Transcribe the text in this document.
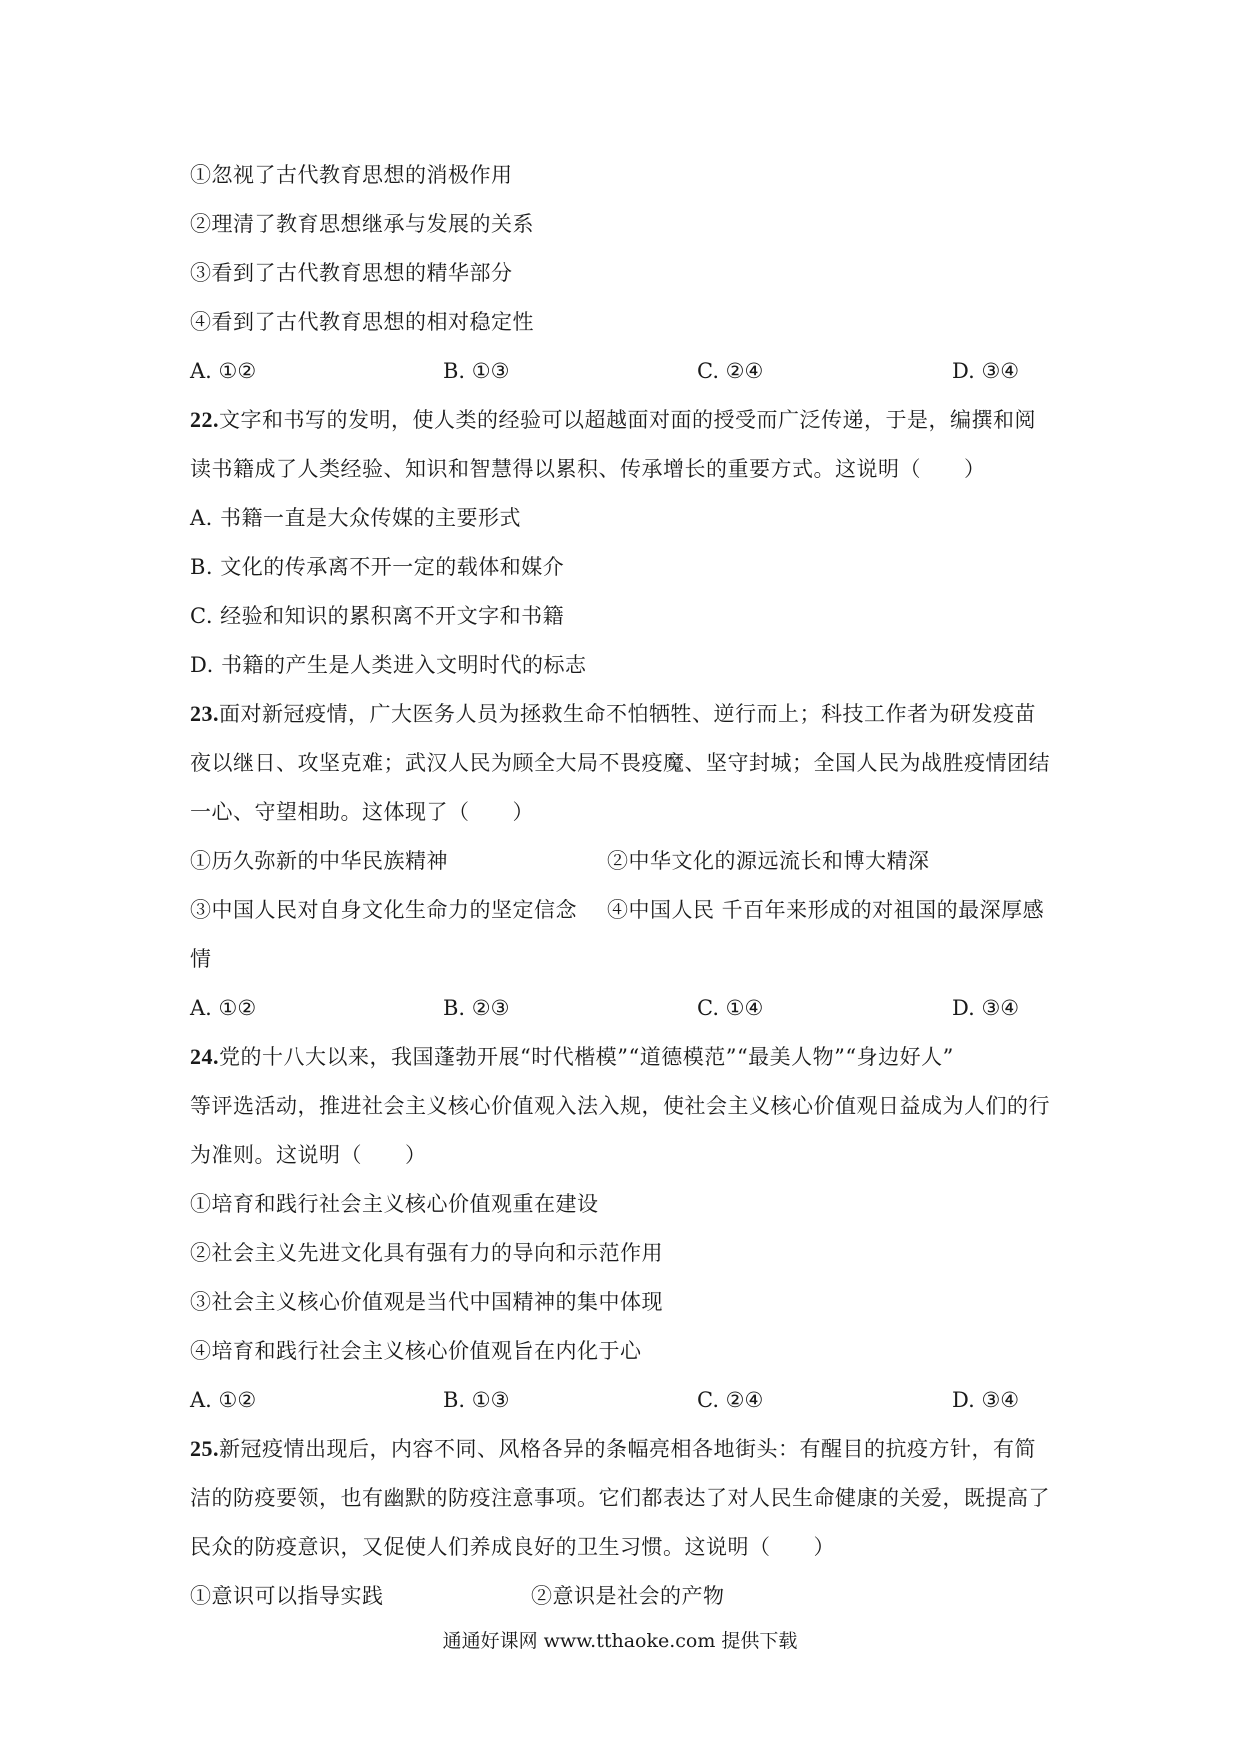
①忽视了古代教育思想的消极作用
②理清了教育思想继承与发展的关系
③看到了古代教育思想的精华部分
④看到了古代教育思想的相对稳定性
A. ①②	B. ①③	C. ②④	D. ③④
22.文字和书写的发明，使人类的经验可以超越面对面的授受而广泛传递，于是，编撰和阅
读书籍成了人类经验、知识和智慧得以累积、传承增长的重要方式。这说明（　　）
A. 书籍一直是大众传媒的主要形式
B. 文化的传承离不开一定的载体和媒介
C. 经验和知识的累积离不开文字和书籍
D. 书籍的产生是人类进入文明时代的标志
23.面对新冠疫情，广大医务人员为拯救生命不怕牺牲、逆行而上；科技工作者为研发疫苗
夜以继日、攻坚克难；武汉人民为顾全大局不畏疫魔、坚守封城；全国人民为战胜疫情团结
一心、守望相助。这体现了（　　）
①历久弥新的中华民族精神	②中华文化的源远流长和博大精深
③中国人民对自身文化生命力的坚定信念 ④中国人民 千百年来形成的对祖国的最深厚感
情
A. ①②	B. ②③	C. ①④	D. ③④
24.党的十八大以来，我国蓬勃开展“时代楷模”“道德模范”“最美人物”“身边好人”
等评选活动，推进社会主义核心价值观入法入规，使社会主义核心价值观日益成为人们的行
为准则。这说明（　　）
①培育和践行社会主义核心价值观重在建设
②社会主义先进文化具有强有力的导向和示范作用
③社会主义核心价值观是当代中国精神的集中体现
④培育和践行社会主义核心价值观旨在内化于心
A. ①②	B. ①③	C. ②④	D. ③④
25.新冠疫情出现后，内容不同、风格各异的条幅亮相各地街头：有醒目的抗疫方针，有简
洁的防疫要领，也有幽默的防疫注意事项。它们都表达了对人民生命健康的关爱，既提高了
民众的防疫意识，又促使人们养成良好的卫生习惯。这说明（　　）
①意识可以指导实践	②意识是社会的产物
通通好课网 www.tthaoke.com 提供下载
